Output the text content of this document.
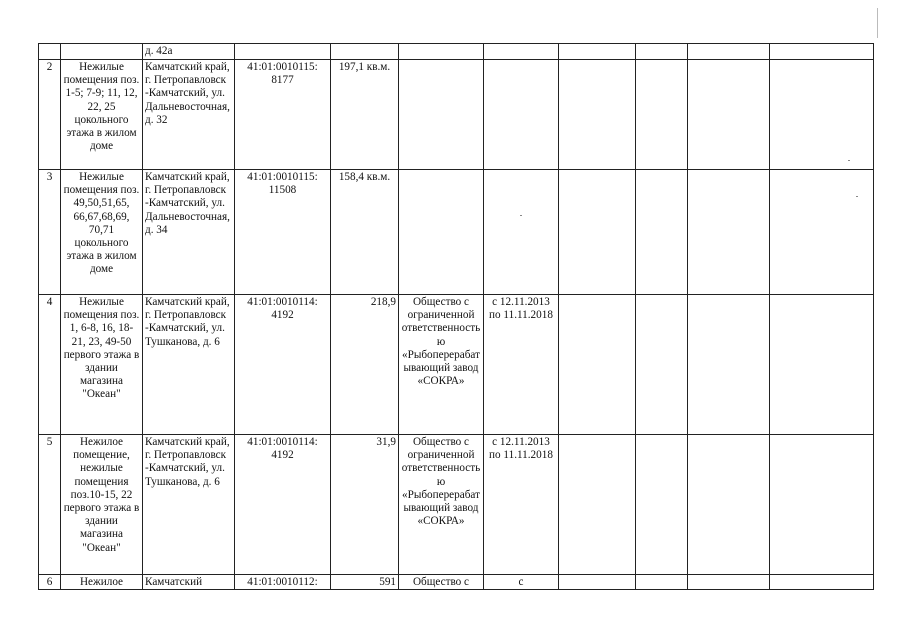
		д. 42а								
2	Нежилые помещения поз. 1-5; 7-9; 11, 12, 22, 25 цокольного этажа в жилом доме	Камчатский край, г. Петропавловск -Камчатский, ул. Дальневосточная, д. 32	41:01:0010115: 8177	197,1 кв.м.						
3	Нежилые помещения поз. 49,50,51,65, 66,67,68,69, 70,71 цокольного этажа в жилом доме	Камчатский край, г. Петропавловск -Камчатский, ул. Дальневосточная, д. 34	41:01:0010115: 11508	158,4 кв.м.						
4	Нежилые помещения поз. 1, 6-8, 16, 18-21, 23, 49-50 первого этажа в здании магазина "Океан"	Камчатский край, г. Петропавловск -Камчатский, ул. Тушканова, д. 6	41:01:0010114: 4192	218,9	Общество с ограниченной ответственностью «Рыбоперерабатывающий завод «СОКРА»	с 12.11.2013 по 11.11.2018				
5	Нежилое помещение, нежилые помещения поз.10-15, 22 первого этажа в здании магазина "Океан"	Камчатский край, г. Петропавловск -Камчатский, ул. Тушканова, д. 6	41:01:0010114: 4192	31,9	Общество с ограниченной ответственностью «Рыбоперерабатывающий завод «СОКРА»	с 12.11.2013 по 11.11.2018				
6	Нежилое	Камчатский	41:01:0010112:	591	Общество с	с				
